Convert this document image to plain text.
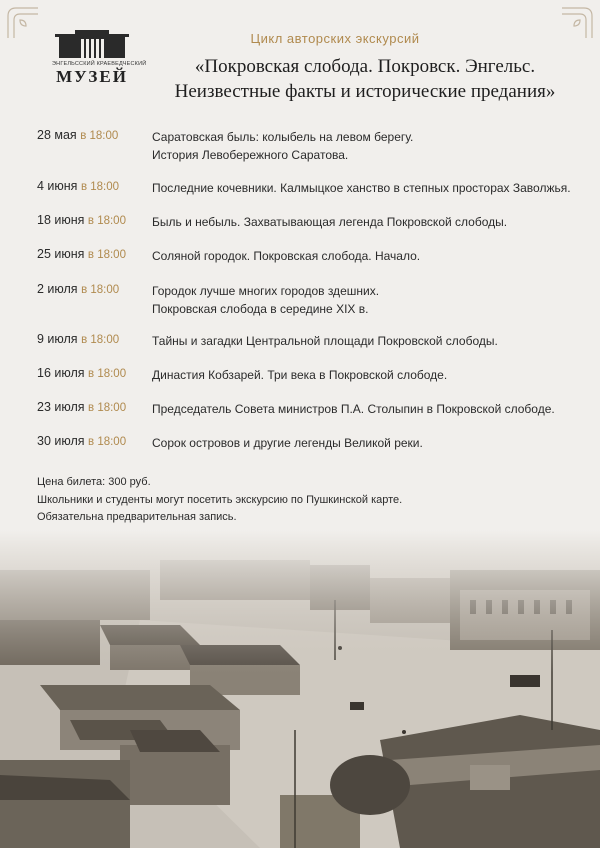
ЭНГЕЛЬССКИЙ КРАЕВЕДЧЕСКИЙ
МУЗЕЙ
Цикл авторских экскурсий
«Покровская слобода. Покровск. Энгельс.
Неизвестные факты и исторические предания»
28 мая в 18:00	Саратовская быль: колыбель на левом берегу.
История Левобережного Саратова.
4 июня в 18:00	Последние кочевники. Калмыцкое ханство в степных просторах Заволжья.
18 июня в 18:00 Быль и небыль. Захватывающая легенда Покровской слободы.
25 июня в 18:00 Соляной городок. Покровская слобода. Начало.
2 июля в 18:00	Городок лучше многих городов здешних.
Покровская слобода в середине XIX в.
9 июля в 18:00	Тайны и загадки Центральной площади Покровской слободы.
16 июля в 18:00 Династия Кобзарей. Три века в Покровской слободе.
23 июля в 18:00 Председатель Совета министров П.А. Столыпин в Покровской слободе.
30 июля в 18:00 Сорок островов и другие легенды Великой реки.
Цена билета: 300 руб.
Школьники и студенты могут посетить экскурсию по Пушкинской карте.
Обязательна предварительная запись.
